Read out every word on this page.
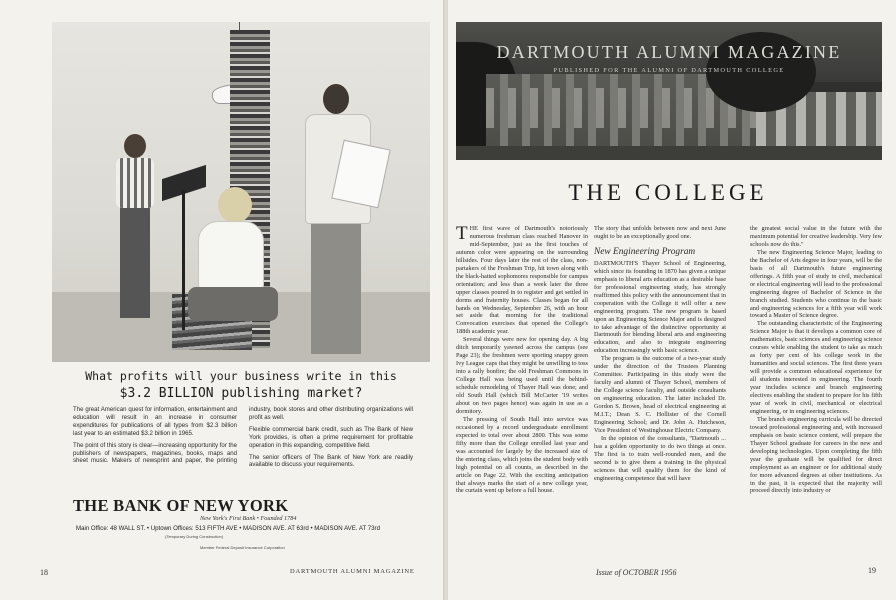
What profits will your business write in this
$3.2 BILLION publishing market?

The great American quest for information, entertainment and education will result in an increase in consumer expenditures for publications of all types from $2.3 billion last year to an estimated $3.2 billion in 1965.

The point of this story is clear—increasing opportunity for the publishers of newspapers, magazines, books, maps and sheet music. Makers of newsprint and paper, the printing industry, book stores and other distributing organizations will profit as well.

Flexible commercial bank credit, such as The Bank of New York provides, is often a prime requirement for profitable operation in this expanding, competitive field.

The senior officers of The Bank of New York are readily available to discuss your requirements.

THE BANK OF NEW YORK
New York's First Bank • Founded 1784
Main Office: 48 WALL ST. • Uptown Offices: 513 FIFTH AVE • MADISON AVE. AT 63rd • MADISON AVE. AT 73rd
(Temporary During Construction)
Member Federal Deposit Insurance Corporation
18	DARTMOUTH ALUMNI MAGAZINE
DARTMOUTH ALUMNI MAGAZINE
PUBLISHED FOR THE ALUMNI OF DARTMOUTH COLLEGE
THE COLLEGE

THE first wave of Dartmouth's notoriously numerous freshman class reached Hanover in mid-September, just as the first touches of autumn color were appearing on the surrounding hillsides. Four days later the rest of the class, non-partakers of the Freshman Trip, hit town along with the black-hatted sophomores responsible for campus orientation; and less than a week later the three upper classes poured in to register and get settled in dorms and fraternity houses. Classes began for all hands on Wednesday, September 26, with an hour set aside that morning for the traditional Convocation exercises that opened the College's 188th academic year.

Several things were new for opening day. A big ditch temporarily yawned across the campus (see Page 23); the freshmen were sporting snappy green Ivy League caps that they might be unwilling to toss into a rally bonfire; the old Freshman Commons in College Hall was being used until the behind-schedule remodeling of Thayer Hall was done; and old South Hall (which Bill McCarter '19 writes about on two pages hence) was again in use as a dormitory.

The pressing of South Hall into service was occasioned by a record undergraduate enrollment expected to total over about 2800. This was some fifty more than the College enrolled last year and was accounted for largely by the increased size of the entering class, which joins the student body with high potential on all counts, as described in the article on Page 22. With the exciting anticipation that always marks the start of a new college year, the curtain went up before a full house.

The story that unfolds between now and next June ought to be an exceptionally good one.

New Engineering Program

DARTMOUTH'S Thayer School of Engineering, which since its founding in 1870 has given a unique emphasis to liberal arts education as a desirable base for professional engineering study, has strongly reaffirmed this policy with the announcement that in cooperation with the College it will offer a new engineering program. The new program is based upon an Engineering Science Major and is designed to take advantage of the distinctive opportunity at Dartmouth for blending liberal arts and engineering education, and also to integrate engineering education increasingly with basic science.

The program is the outcome of a two-year study under the direction of the Trustees Planning Committee. Participating in this study were the faculty and alumni of Thayer School, members of the College science faculty, and outside consultants on engineering education. The latter included Dr. Gordon S. Brown, head of electrical engineering at M.I.T.; Dean S. C. Hollister of the Cornell Engineering School; and Dr. John A. Hutcheson, Vice President of Westinghouse Electric Company.

In the opinion of the consultants, "Dartmouth ... has a golden opportunity to do two things at once. The first is to train well-rounded men, and the second is to give them a training in the physical sciences that will qualify them for the kind of engineering competence that will have

the greatest social value in the future with the maximum potential for creative leadership. Very few schools now do this."

The new Engineering Science Major, leading to the Bachelor of Arts degree in four years, will be the basis of all Dartmouth's future engineering offerings. A fifth year of study in civil, mechanical or electrical engineering will lead to the professional engineering degree of Bachelor of Science in the branch studied. Students who continue in the basic and engineering sciences for a fifth year will work toward a Master of Science degree.

The outstanding characteristic of the Engineering Science Major is that it develops a common core of mathematics, basic sciences and engineering science courses while enabling the student to take as much as forty per cent of his college work in the humanities and social sciences. The first three years will provide a common educational experience for all students interested in engineering. The fourth year includes science and branch engineering electives enabling the student to prepare for his fifth year of work in civil, mechanical or electrical engineering, or in engineering sciences.

The branch engineering curricula will be directed toward professional engineering and, with increased emphasis on basic science content, will prepare the Thayer School graduate for careers in the new and developing technologies. Upon completing the fifth year the graduate will be qualified for direct employment as an engineer or for additional study for more advanced degrees at other institutions. As in the past, it is expected that the majority will proceed directly into industry or

Issue of OCTOBER 1956	19
